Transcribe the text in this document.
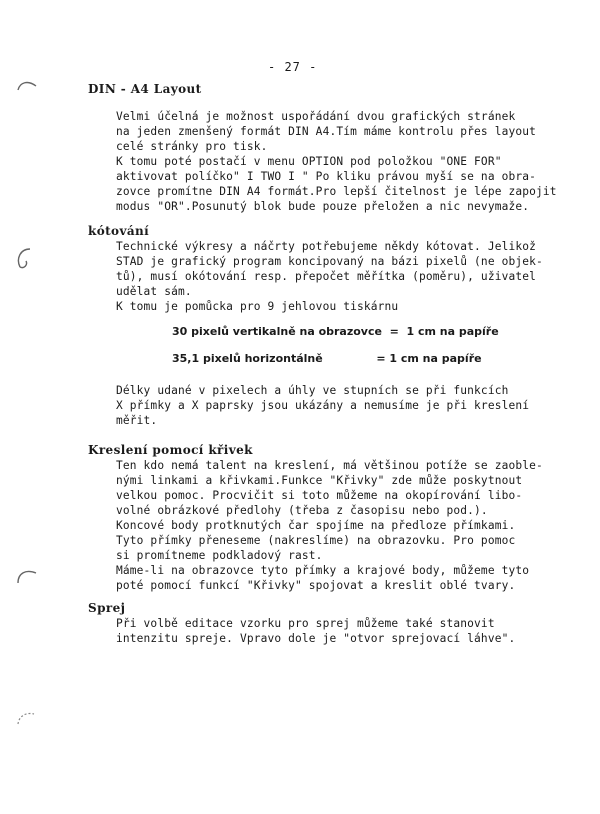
- 27 -
DIN - A4 Layout
Velmi účelná je možnost uspořádání dvou grafických stránek
na jeden zmenšený formát DIN A4.Tím máme kontrolu přes layout
celé stránky pro tisk.
K tomu poté postačí v menu OPTION pod položkou "ONE FOR"
aktivovat políčko" I TWO I " Po kliku právou myší se na obra-
zovce promítne DIN A4 formát.Pro lepší čitelnost je lépe zapojit
modus "OR".Posunutý blok bude pouze přeložen a nic nevymaže.
kótování
Technické výkresy a náčrty potřebujeme někdy kótovat. Jelikož
STAD je grafický program koncipovaný na bázi pixelů (ne objek-
tů), musí okótování resp. přepočet měřítka (poměru), uživatel
udělat sám.
K tomu je pomůcka pro 9 jehlovou tiskárnu
30 pixelů vertikalně na obrazovce  =  1 cm na papíře
35,1 pixelů horizontálně              = 1 cm na papíře
Délky udané v pixelech a úhly ve stupních se při funkcích
X přímky a X paprsky jsou ukázány a nemusíme je při kreslení
měřit.
Kreslení pomocí křivek
Ten kdo nemá talent na kreslení, má většinou potíže se zaoble-
nými linkami a křivkami.Funkce "Křivky" zde může poskytnout
velkou pomoc. Procvičit si toto můžeme na okopírování libo-
volné obrázkové předlohy (třeba z časopisu nebo pod.).
Koncové body protknutých čar spojíme na předloze přímkami.
Tyto přímky přeneseme (nakreslíme) na obrazovku. Pro pomoc
si promítneme podkladový rast.
Máme-li na obrazovce tyto přímky a krajové body, můžeme tyto
poté pomocí funkcí "Křivky" spojovat a kreslit oblé tvary.
Sprej
Při volbě editace vzorku pro sprej můžeme také stanovit
intenzitu spreje. Vpravo dole je "otvor sprejovací láhve".
